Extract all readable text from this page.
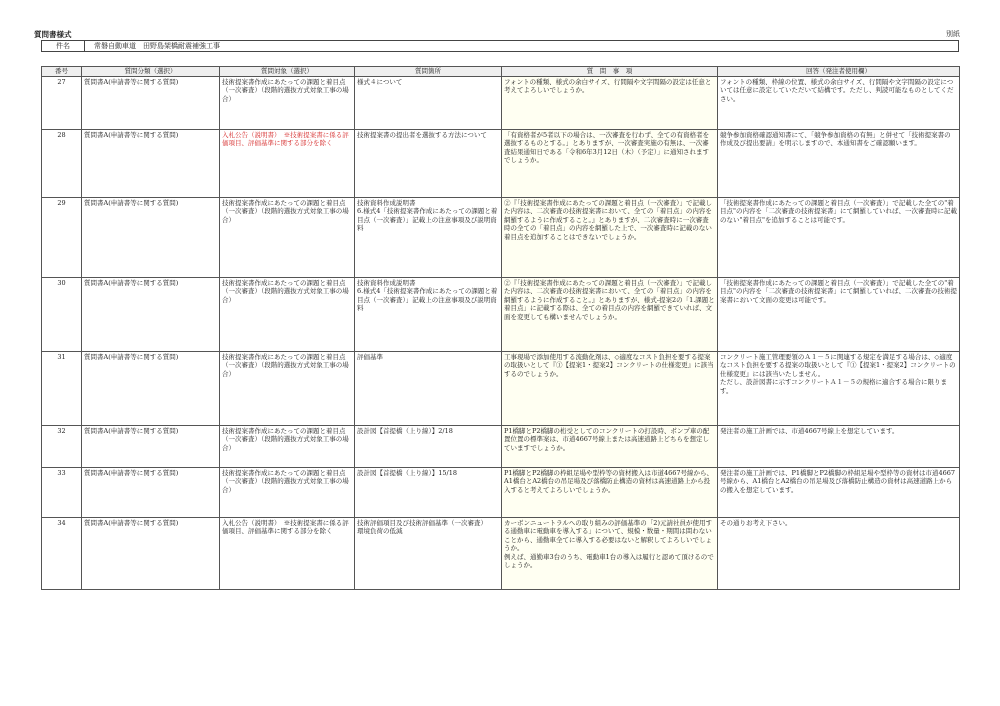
質問書様式	別紙
件名	常磐自動車道　田野島架橋耐震補強工事
番号	質問分類（選択）	質問対象（選択）	質問箇所	質　問　事　項	回答（発注者使用欄）
27	質問書A(申請書等に関する質問)	技術提案書作成にあたっての課題と着目点（一次審査）（段階的選抜方式対象工事の場合）	様式４について	フォントの種類、様式の余白サイズ、行間隔や文字間隔の設定は任意と考えてよろしいでしょうか。	フォントの種類、枠線の位置、様式の余白サイズ、行間隔や文字間隔の設定については任意に設定していただいて結構です。ただし、判読可能なものとしてください。
28	質問書A(申請書等に関する質問)	入札公告（説明書）　※技術提案書に係る評価項目、評価基準に関する部分を除く	技術提案書の提出者を選抜する方法について	「有資格者が5者以下の場合は、一次審査を行わず、全ての有資格者を選抜するものとする。」とありますが、一次審査実施の有無は、一次審査結果通知日である「令和6年3月12日（木）（予定）」に通知されますでしょうか。	競争参加資格確認通知書にて、「競争参加資格の有無」と併せて「技術提案書の作成及び提出要請」を明示しますので、本通知書をご確認願います。
29	質問書A(申請書等に関する質問)	技術提案書作成にあたっての課題と着目点（一次審査）（段階的選抜方式対象工事の場合）	技術資料作成説明書
6.様式4「技術提案書作成にあたっての課題と着目点（一次審査）」記載上の注意事項及び説明資料	②『「技術提案書作成にあたっての課題と着目点（一次審査）」で記載した内容は、二次審査の技術提案書において、全ての「着目点」の内容を網羅するように作成すること。』とありますが、二次審査時に一次審査時の全ての「着目点」の内容を網羅した上で、一次審査時に記載のない着目点を追加することはできないでしょうか。	「技術提案書作成にあたっての課題と着目点（一次審査）」で記載した全ての"着目点"の内容を「二次審査の技術提案書」にて網羅していれば、一次審査時に記載のない"着目点"を追加することは可能です。
30	質問書A(申請書等に関する質問)	技術提案書作成にあたっての課題と着目点（一次審査）（段階的選抜方式対象工事の場合）	技術資料作成説明書
6.様式4「技術提案書作成にあたっての課題と着目点（一次審査）」記載上の注意事項及び説明資料	②『「技術提案書作成にあたっての課題と着目点（一次審査）」で記載した内容は、二次審査の技術提案書において、全ての「着目点」の内容を網羅するように作成すること。』とありますが、様式-提案2の「1.課題と着目点」に記載する際は、全ての着目点の内容を網羅できていれば、文面を変更しても構いませんでしょうか。	「技術提案書作成にあたっての課題と着目点（一次審査）」で記載した全ての"着目点"の内容を「二次審査の技術提案書」にて網羅していれば、二次審査の技術提案書において文面の変更は可能です。
31	質問書A(申請書等に関する質問)	技術提案書作成にあたっての課題と着目点（一次審査）（段階的選抜方式対象工事の場合）	評価基準	工事現場で添加使用する流動化剤は、◇適度なコスト負担を要する提案の取扱いとして『①【提案1・提案2】コンクリートの仕様変更』に該当するのでしょうか。	コンクリート施工管理要領のＡ１－５に関連する規定を満足する場合は、◇適度なコスト負担を要する提案の取扱いとして『①【提案1・提案2】コンクリートの仕様変更』には該当いたしません。
ただし、設計図書に示すコンクリートＡ１－５の規格に適合する場合に限ります。
32	質問書A(申請書等に関する質問)	技術提案書作成にあたっての課題と着目点（一次審査）（段階的選抜方式対象工事の場合）	設計図【首提橋（上り線）】2/18	P1橋脚とP2橋脚の桁受としてのコンクリートの打設時、ポンプ車の配置位置の標準案は、市道4667号線上または高速道路上どちらを想定していますでしょうか。	発注者の施工計画では、市道4667号線上を想定しています。
33	質問書A(申請書等に関する質問)	技術提案書作成にあたっての課題と着目点（一次審査）（段階的選抜方式対象工事の場合）	設計図【首提橋（上り線）】15/18	P1橋脚とP2橋脚の枠組足場や型枠等の資材搬入は市道4667号線から、A1橋台とA2橋台の吊足場及び落橋防止構造の資材は高速道路上から投入すると考えてよろしいでしょうか。	発注者の施工計画では、P1橋脚とP2橋脚の枠組足場や型枠等の資材は市道4667号線から、A1橋台とA2橋台の吊足場及び落橋防止構造の資材は高速道路上からの搬入を想定しています。
34	質問書A(申請書等に関する質問)	入札公告（説明書）　※技術提案書に係る評価項目、評価基準に関する部分を除く	技術評価項目及び技術評価基準（一次審査）
環境負荷の低減	カーボンニュートラルへの取り組みの評価基準の「2)元請社員が使用する通勤車に電動車を導入する」について、規模・数量・期間は問わないことから、通勤車全てに導入する必要はないと解釈してよろしいでしょうか。
例えば、通勤車3台のうち、電動車1台の導入は履行と認めて頂けるのでしょうか。	その通りお考え下さい。
